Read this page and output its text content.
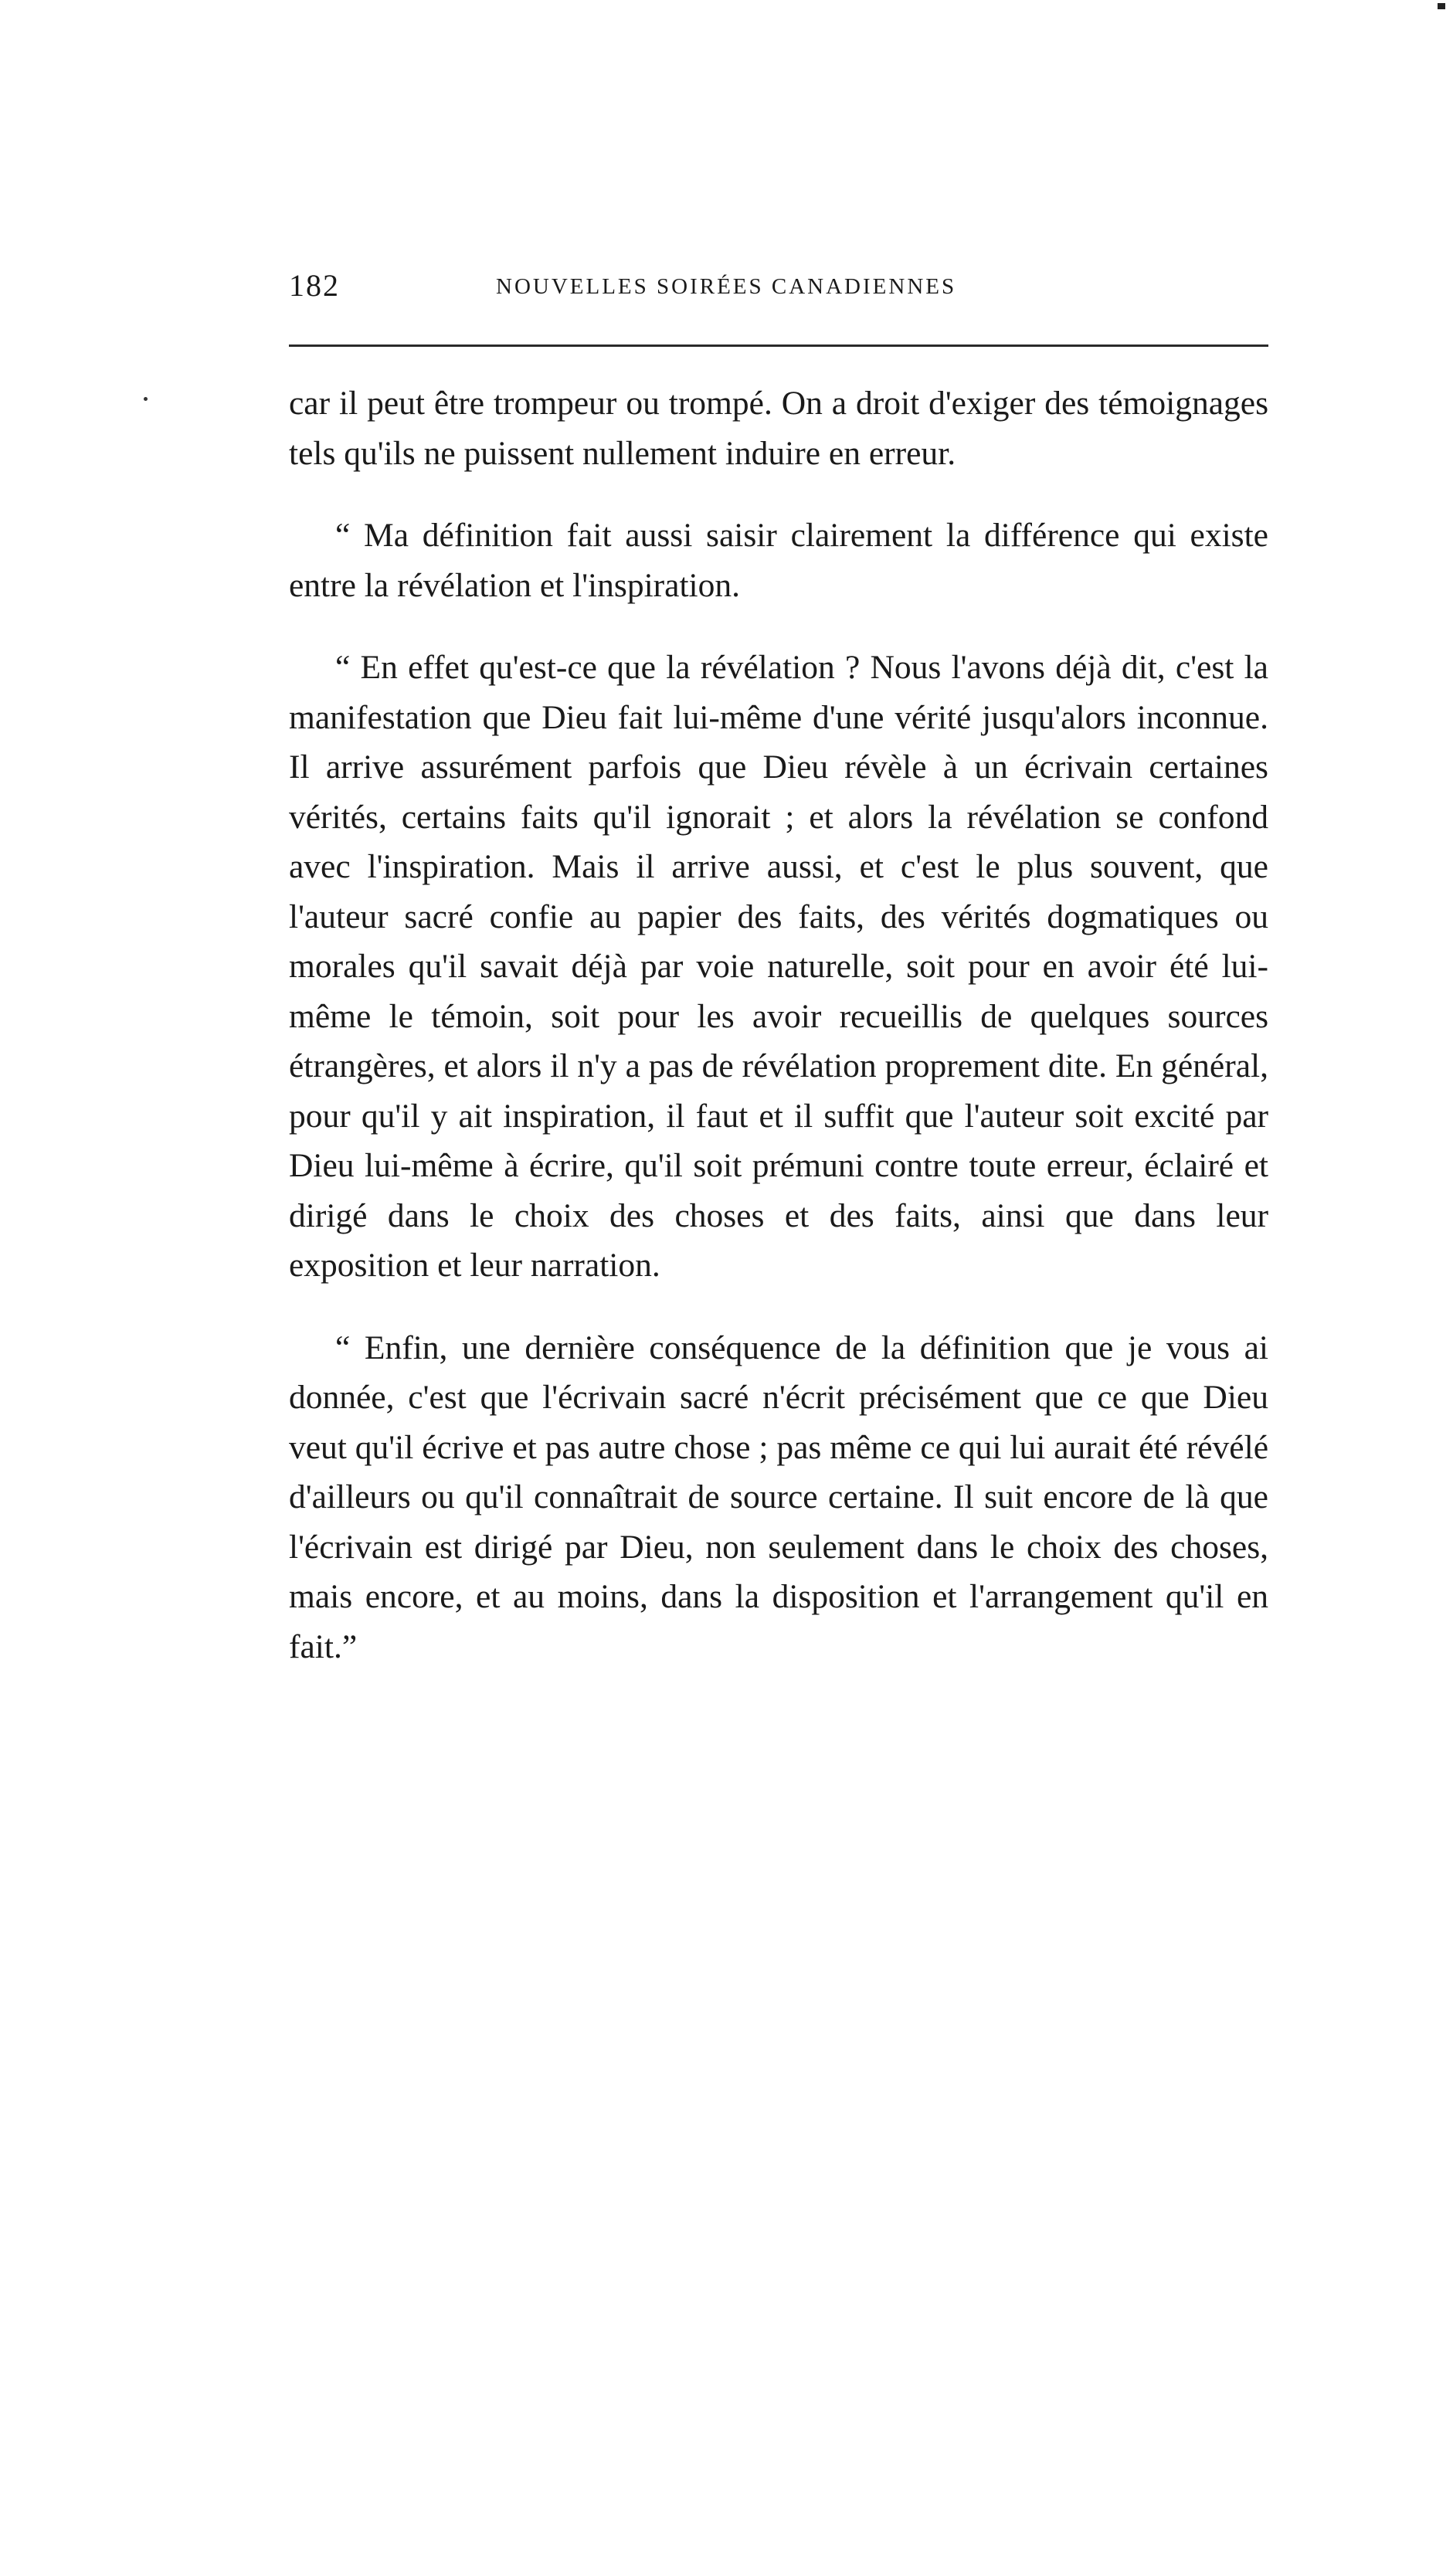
182	NOUVELLES SOIRÉES CANADIENNES

car il peut être trompeur ou trompé. On a droit d'exiger des témoignages tels qu'ils ne puissent nullement induire en erreur.

“ Ma définition fait aussi saisir clairement la différence qui existe entre la révélation et l'inspiration.

“ En effet qu'est-ce que la révélation ? Nous l'avons déjà dit, c'est la manifestation que Dieu fait lui-même d'une vérité jusqu'alors inconnue. Il arrive assurément parfois que Dieu révèle à un écrivain certaines vérités, certains faits qu'il ignorait ; et alors la révélation se confond avec l'inspiration. Mais il arrive aussi, et c'est le plus souvent, que l'auteur sacré confie au papier des faits, des vérités dogmatiques ou morales qu'il savait déjà par voie naturelle, soit pour en avoir été lui-même le témoin, soit pour les avoir recueillis de quelques sources étrangères, et alors il n'y a pas de révélation proprement dite. En général, pour qu'il y ait inspiration, il faut et il suffit que l'auteur soit excité par Dieu lui-même à écrire, qu'il soit prémuni contre toute erreur, éclairé et dirigé dans le choix des choses et des faits, ainsi que dans leur exposition et leur narration.

“ Enfin, une dernière conséquence de la définition que je vous ai donnée, c'est que l'écrivain sacré n'écrit précisément que ce que Dieu veut qu'il écrive et pas autre chose ; pas même ce qui lui aurait été révélé d'ailleurs ou qu'il connaîtrait de source certaine. Il suit encore de là que l'écrivain est dirigé par Dieu, non seulement dans le choix des choses, mais encore, et au moins, dans la disposition et l'arrangement qu'il en fait.”
